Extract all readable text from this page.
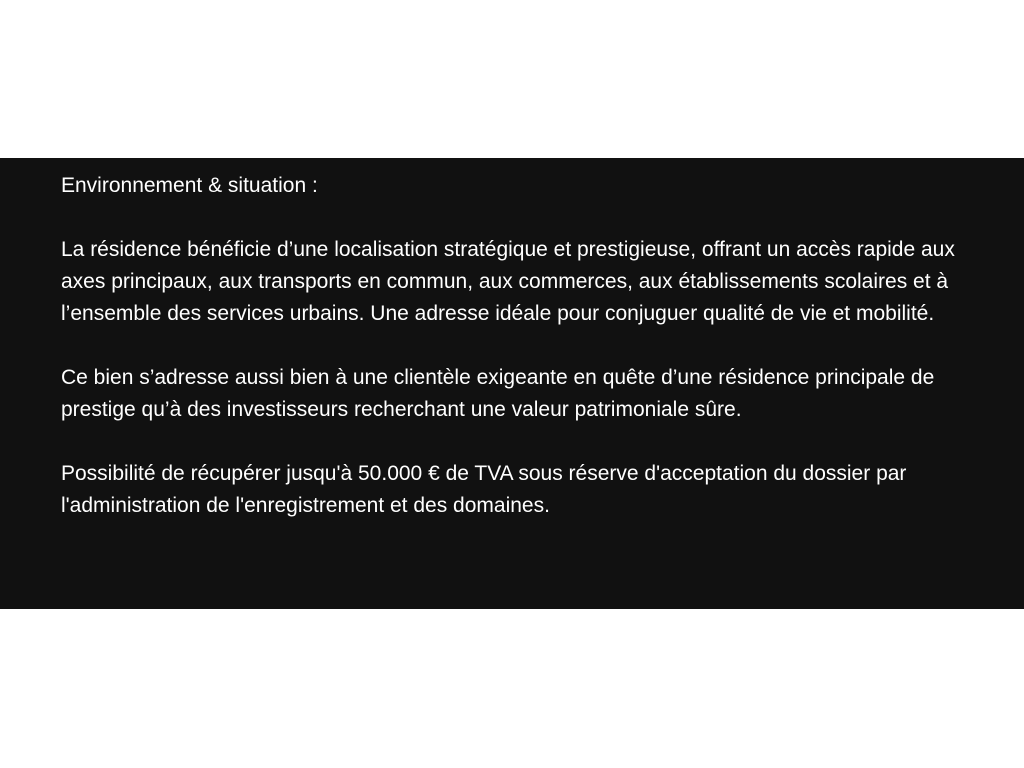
Environnement & situation :

La résidence bénéficie d’une localisation stratégique et prestigieuse, offrant un accès rapide aux axes principaux, aux transports en commun, aux commerces, aux établissements scolaires et à l’ensemble des services urbains. Une adresse idéale pour conjuguer qualité de vie et mobilité.

Ce bien s’adresse aussi bien à une clientèle exigeante en quête d’une résidence principale de prestige qu’à des investisseurs recherchant une valeur patrimoniale sûre.

Possibilité de récupérer jusqu'à 50.000 € de TVA sous réserve d'acceptation du dossier par l'administration de l'enregistrement et des domaines.
